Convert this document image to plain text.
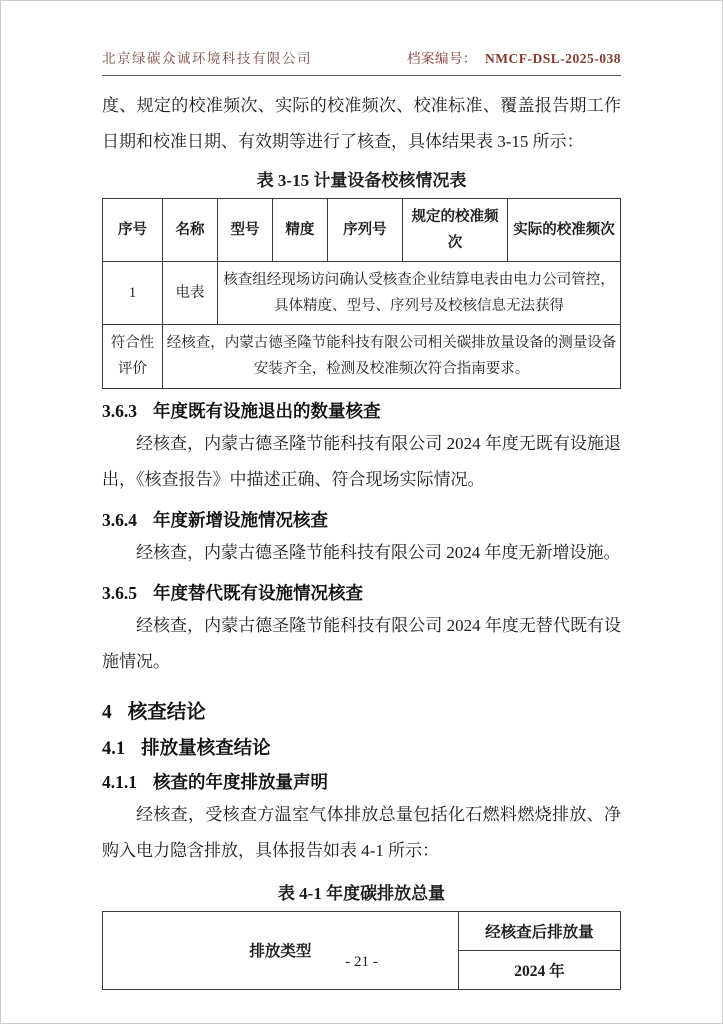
北京绿碳众诚环境科技有限公司	档案编号： NMCF-DSL-2025-038

度、规定的校准频次、实际的校准频次、校准标准、覆盖报告期工作日期和校准日期、有效期等进行了核查，具体结果表 3-15 所示：

表 3-15 计量设备校核情况表
序号	名称	型号	精度	序列号	规定的校准频次	实际的校准频次
1	电表	核查组经现场访问确认受核查企业结算电表由电力公司管控，具体精度、型号、序列号及校核信息无法获得				
符合性评价	经核查，内蒙古德圣隆节能科技有限公司相关碳排放量设备的测量设备安装齐全，检测及校准频次符合指南要求。					
3.6.3 年度既有设施退出的数量核查

经核查，内蒙古德圣隆节能科技有限公司 2024 年度无既有设施退出，《核查报告》中描述正确、符合现场实际情况。

3.6.4 年度新增设施情况核查

经核查，内蒙古德圣隆节能科技有限公司 2024 年度无新增设施。

3.6.5 年度替代既有设施情况核查

经核查，内蒙古德圣隆节能科技有限公司 2024 年度无替代既有设施情况。

4 核查结论
4.1 排放量核查结论
4.1.1 核查的年度排放量声明

经核查，受核查方温室气体排放总量包括化石燃料燃烧排放、净购入电力隐含排放，具体报告如表 4-1 所示：

表 4-1 年度碳排放总量
排放类型	经核查后排放量
2024 年
- 21 -
